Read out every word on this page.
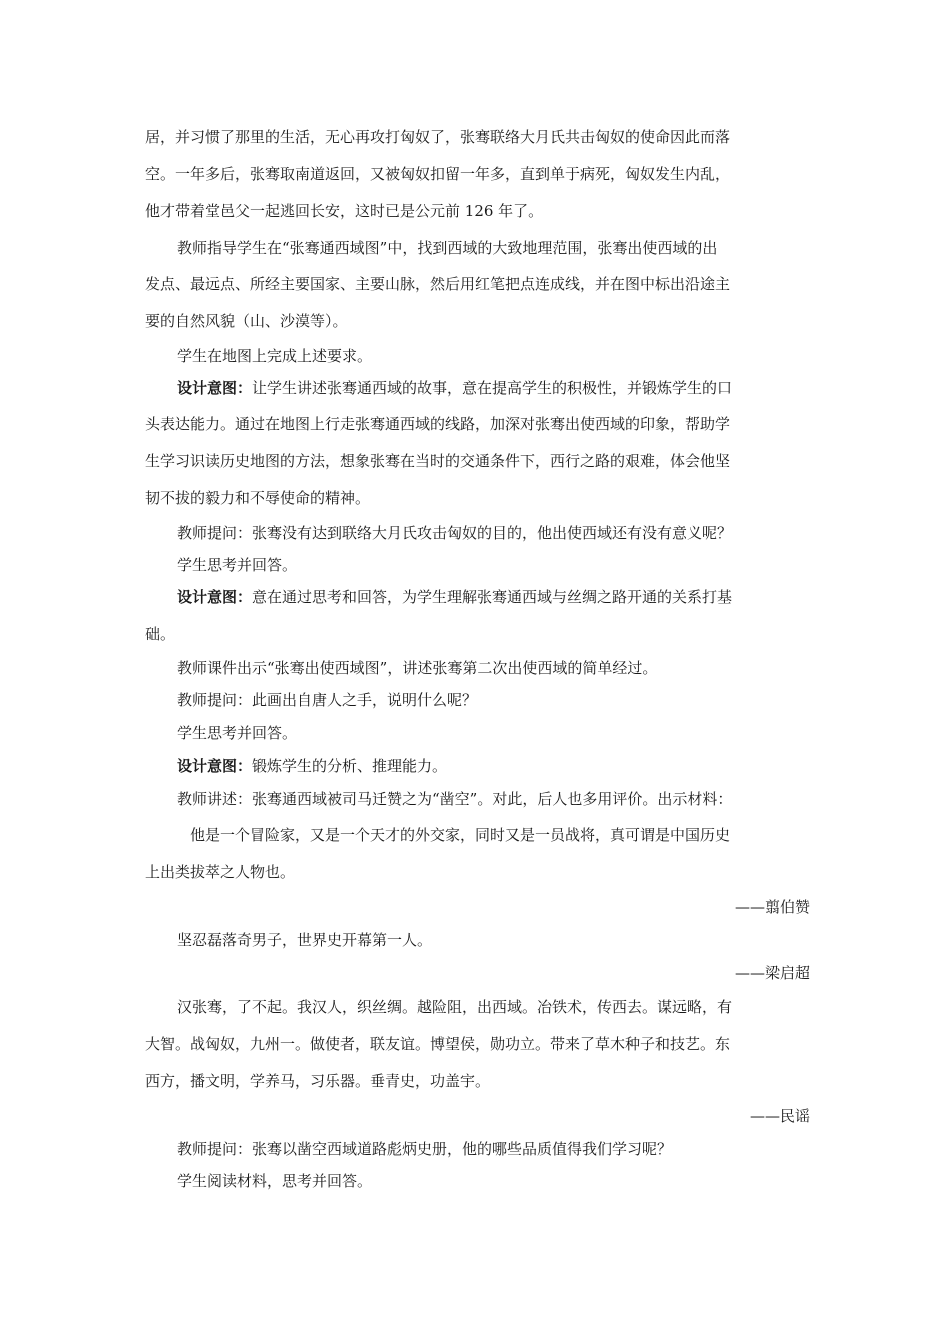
居，并习惯了那里的生活，无心再攻打匈奴了，张骞联络大月氏共击匈奴的使命因此而落
空。一年多后，张骞取南道返回，又被匈奴扣留一年多，直到单于病死，匈奴发生内乱，
他才带着堂邑父一起逃回长安，这时已是公元前 126 年了。
教师指导学生在“张骞通西域图”中，找到西域的大致地理范围，张骞出使西域的出
发点、最远点、所经主要国家、主要山脉，然后用红笔把点连成线，并在图中标出沿途主
要的自然风貌（山、沙漠等）。
学生在地图上完成上述要求。
设计意图：让学生讲述张骞通西域的故事，意在提高学生的积极性，并锻炼学生的口
头表达能力。通过在地图上行走张骞通西域的线路，加深对张骞出使西域的印象，帮助学
生学习识读历史地图的方法，想象张骞在当时的交通条件下，西行之路的艰难，体会他坚
韧不拔的毅力和不辱使命的精神。
教师提问：张骞没有达到联络大月氏攻击匈奴的目的，他出使西域还有没有意义呢？
学生思考并回答。
设计意图：意在通过思考和回答，为学生理解张骞通西域与丝绸之路开通的关系打基
础。
教师课件出示“张骞出使西域图”，讲述张骞第二次出使西域的简单经过。
教师提问：此画出自唐人之手，说明什么呢？
学生思考并回答。
设计意图：锻炼学生的分析、推理能力。
教师讲述：张骞通西域被司马迁赞之为“凿空”。对此，后人也多用评价。出示材料：
他是一个冒险家，又是一个天才的外交家，同时又是一员战将，真可谓是中国历史
上出类拔萃之人物也。
——翦伯赞
坚忍磊落奇男子，世界史开幕第一人。
——梁启超
汉张骞，了不起。我汉人，织丝绸。越险阻，出西域。冶铁术，传西去。谋远略，有
大智。战匈奴，九州一。做使者，联友谊。博望侯，勋功立。带来了草木种子和技艺。东
西方，播文明，学养马，习乐器。垂青史，功盖宇。
——民谣
教师提问：张骞以凿空西域道路彪炳史册，他的哪些品质值得我们学习呢？
学生阅读材料，思考并回答。
